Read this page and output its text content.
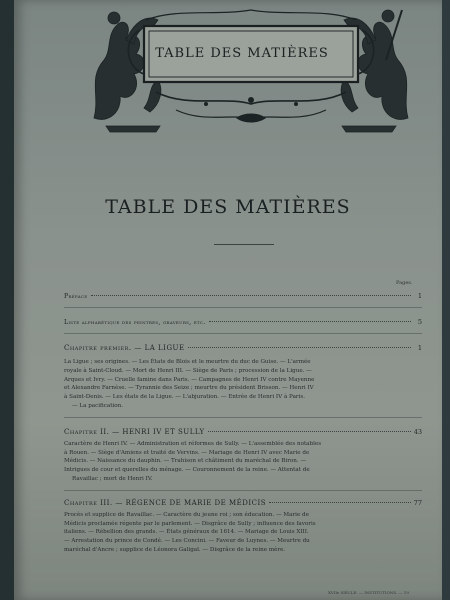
TABLE DES MATIÈRES
TABLE DES MATIÈRES
Pages.
Préface	1
Liste alphabétique des peintres, graveurs, etc.	5
Chapitre premier. — LA LIGUE	1
La Ligue ; ses origines. — Les États de Blois et le meurtre du duc de Guise. — L'armée
royale à Saint-Cloud. — Mort de Henri III. — Siège de Paris ; procession de la Ligue. —
Arques et Ivry. — Cruelle famine dans Paris. — Campagnes de Henri IV contre Mayenne
et Alexandre Farnèse. — Tyrannie des Seize ; meurtre du président Brisson. — Henri IV
à Saint-Denis. — Les états de la Ligue. — L'abjuration. — Entrée de Henri IV à Paris.
— La pacification.
Chapitre II. — HENRI IV ET SULLY	43
Caractère de Henri IV. — Administration et réformes de Sully. — L'assemblée des notables
à Rouen. — Siège d'Amiens et traité de Vervins. — Mariage de Henri IV avec Marie de
Médicis. — Naissance du dauphin. — Trahison et châtiment du maréchal de Biron. —
Intrigues de cour et querelles du ménage. — Couronnement de la reine. — Attentat de
Ravaillac ; mort de Henri IV.
Chapitre III. — RÉGENCE DE MARIE DE MÉDICIS	77
Procès et supplice de Ravaillac. — Caractère du jeune roi ; son éducation. — Marie de
Médicis proclamée régente par le parlement. — Disgrâce de Sully ; influence des favoris
italiens. — Rébellion des grands. — États généraux de 1614. — Mariage de Louis XIII.
— Arrestation du prince de Condé. — Les Concini. — Faveur de Luynes. — Meurtre du
maréchal d'Ancre ; supplice de Léonora Galigaï. — Disgrâce de la reine mère.
XVIIe SIÈCLE. — INSTITUTIONS. — 19
